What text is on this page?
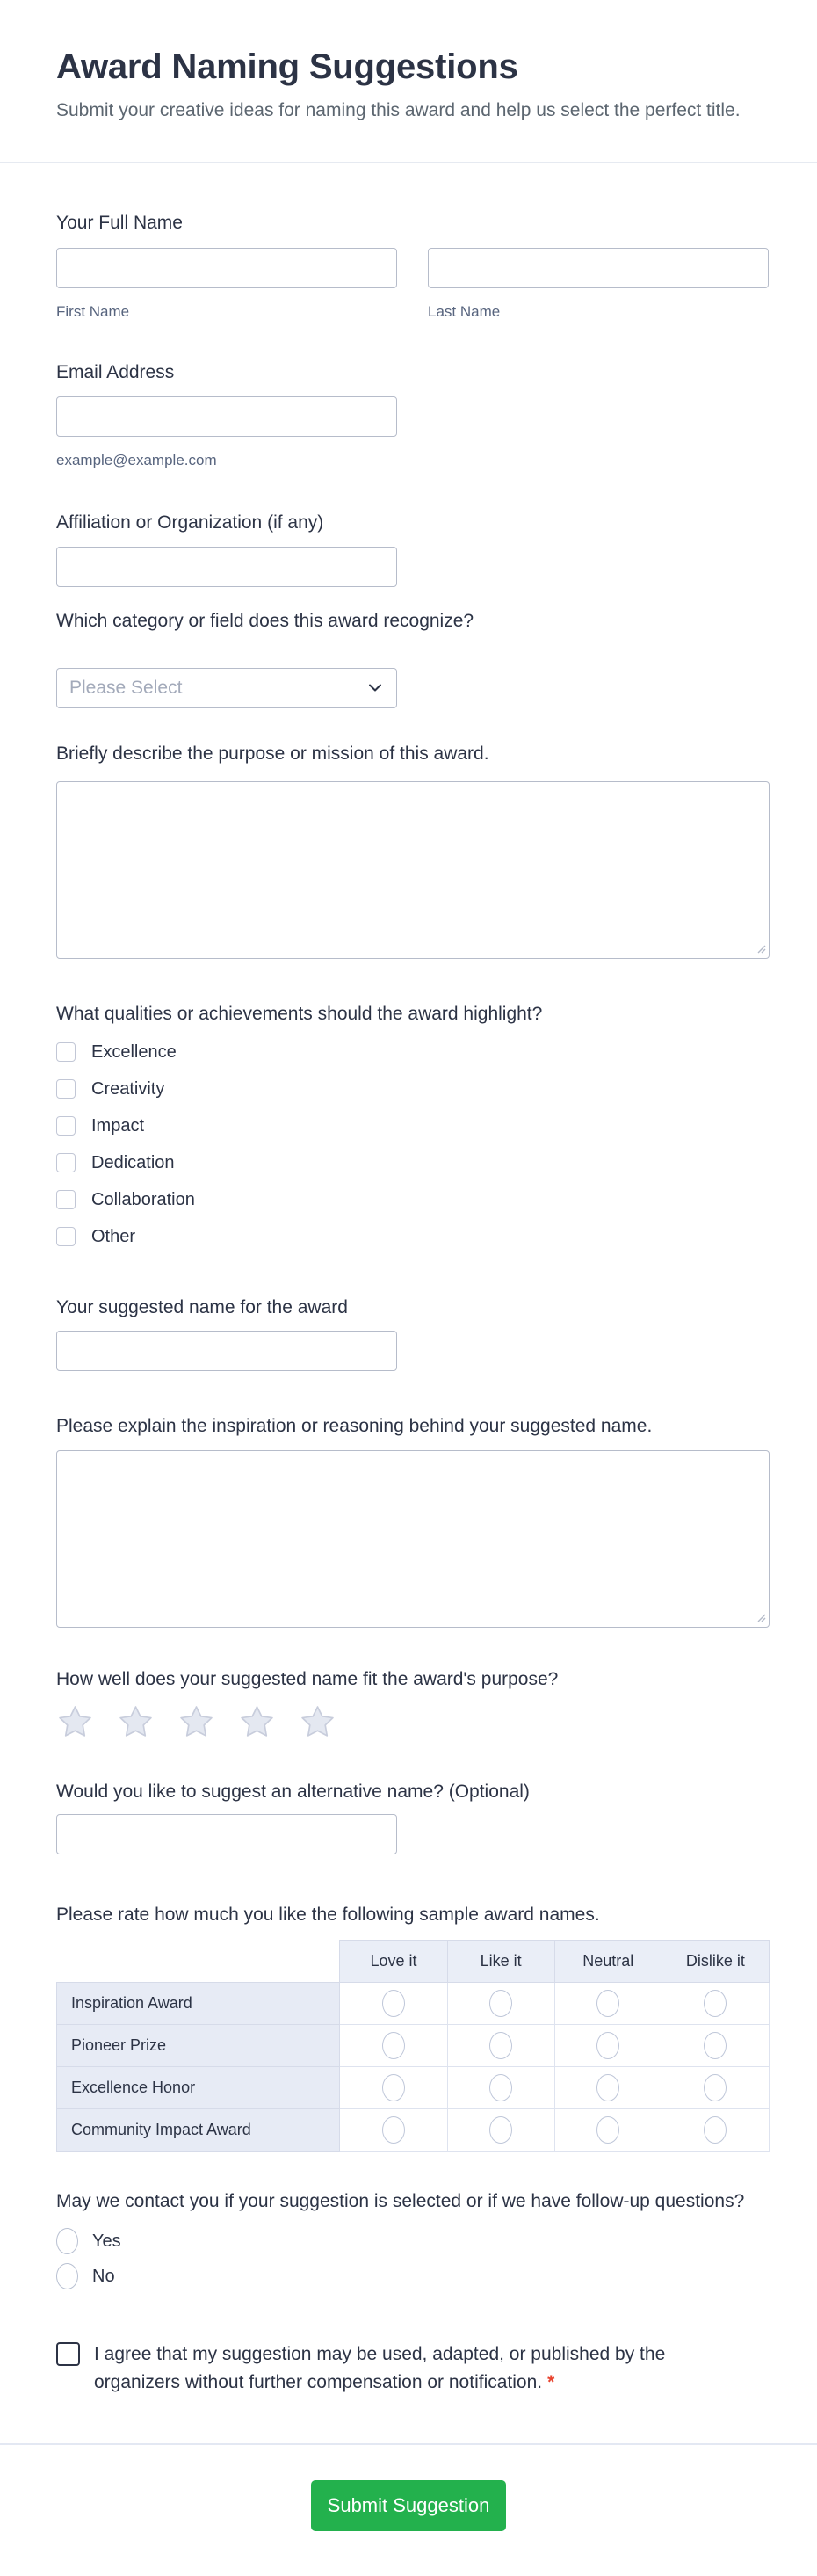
Award Naming Suggestions
Submit your creative ideas for naming this award and help us select the perfect title.
Your Full Name
First Name	Last Name
Email Address
example@example.com
Affiliation or Organization (if any)
Which category or field does this award recognize?
Please Select
Briefly describe the purpose or mission of this award.
What qualities or achievements should the award highlight?
Excellence
Creativity
Impact
Dedication
Collaboration
Other
Your suggested name for the award
Please explain the inspiration or reasoning behind your suggested name.
How well does your suggested name fit the award's purpose?
Would you like to suggest an alternative name? (Optional)
Please rate how much you like the following sample award names.
	Love it	Like it	Neutral	Dislike it
Inspiration Award				
Pioneer Prize				
Excellence Honor				
Community Impact Award				
May we contact you if your suggestion is selected or if we have follow-up questions?
Yes
No
I agree that my suggestion may be used, adapted, or published by the organizers without further compensation or notification. *
Submit Suggestion
